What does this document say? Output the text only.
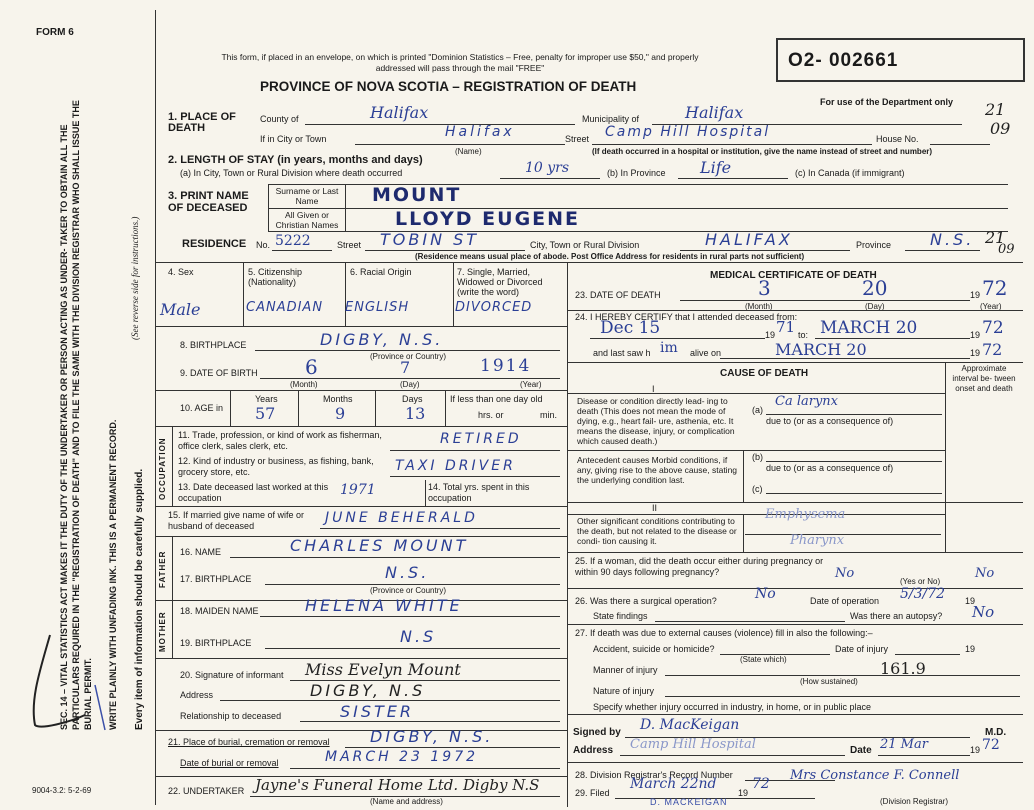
FORM 6
SEC. 14 – VITAL STATISTICS ACT MAKES IT THE DUTY OF THE UNDERTAKER OR PERSON ACTING AS UNDER- TAKER TO OBTAIN ALL THE PARTICULARS REQUIRED IN THE "REGISTRATION OF DEATH" AND TO FILE THE SAME WITH THE DIVISION REGISTRAR WHO SHALL ISSUE THE BURIAL PERMIT. WRITE PLAINLY WITH UNFADING INK. THIS IS A PERMANENT RECORD.
(See reverse side for instructions.)
Every item of information should be carefully supplied.
9004-3.2: 5-2-69
This form, if placed in an envelope, on which is printed "Dominion Statistics – Free, penalty for improper use $50," and properly addressed will pass through the mail "FREE"
PROVINCE OF NOVA SCOTIA – REGISTRATION OF DEATH
O2- 002661
For use of the Department only 21
09
1. PLACE OF DEATH
County of	Halifax	Municipality of	Halifax
If in City or Town	Halifax
(Name)
Street Camp Hill Hospital	House No.
(If death occurred in a hospital or institution, give the name instead of street and number)
2. LENGTH OF STAY (in years, months and days)
(a) In City, Town or Rural Division where death occurred	10 yrs	(b) In Province Life	(c) In Canada (if immigrant)
3. PRINT NAME OF DECEASED
Surname or Last Name	MOUNT
All Given or Christian Names	LLOYD EUGENE
RESIDENCE No. 5222	Street TOBIN ST	City, Town or Rural Division	HALIFAX	Province N.S. 21
09
(Residence means usual place of abode. Post Office Address for residents in rural parts not sufficient)
4. Sex
Male
5. Citizenship (Nationality)
CANADIAN
6. Racial Origin
ENGLISH
7. Single, Married, Widowed or Divorced (write the word)
DIVORCED
8. BIRTHPLACE	DIGBY, N.S.
(Province or Country)
9. DATE OF BIRTH 6	7	1914
(Month)	(Day)	(Year)
10. AGE in
Years	Months	Days
57	9	13
If less than one day old
hrs. or	min.
OCCUPATION
11. Trade, profession, or kind of work as fisherman, office clerk, sales clerk, etc.	RETIRED
12. Kind of industry or business, as fishing, bank, grocery store, etc.	TAXI DRIVER
13. Date deceased last worked at this occupation	1971	14. Total yrs. spent in this occupation
15. If married give name of wife or husband of deceased	JUNE BEHERALD
FATHER 16. NAME	CHARLES MOUNT
17. BIRTHPLACE	N.S.
(Province or Country)
MOTHER
18. MAIDEN NAME	HELENA WHITE
19. BIRTHPLACE	N.S
20. Signature of informant Miss Evelyn Mount
Address	DIGBY, N.S
Relationship to deceased	SISTER
21. Place of burial, cremation or removal	DIGBY, N.S.
Date of burial or removal	MARCH 23 1972
22. UNDERTAKER Jayne's Funeral Home Ltd. Digby N.S
(Name and address)
MEDICAL CERTIFICATE OF DEATH
23. DATE OF DEATH	3	20	19 72
(Month)	(Day)	(Year)
24. I HEREBY CERTIFY that I attended deceased from:
Dec 15	19 71 to: MARCH 20	19 72
and last saw h im alive on	MARCH 20	19 72
CAUSE OF DEATH	Approximate interval be- tween onset and death
I
Disease or condition directly lead- ing to death (This does not mean the mode of dying, e.g., heart fail- ure, asthenia, etc. It means the disease, injury, or complication which caused death.)
(a)
Ca larynx
due to (or as a consequence of)
Antecedent causes Morbid conditions, if any, giving rise to the above cause, stating the underlying condition last.
(b)
due to (or as a consequence of)
(c)
II
Other significant conditions contributing to the death, but not related to the disease or condi- tion causing it.
Emphysema
Pharynx
25. If a woman, did the death occur either during pregnancy or within 90 days following pregnancy?	No	No
(Yes or No)
26. Was there a surgical operation?	No	Date of operation 5/3/72 19
State findings	Was there an autopsy? No
27. If death was due to external causes (violence) fill in also the following:–
Accident, suicide or homicide?
(State which)
Date of injury	19
Manner of injury	161.9
(How sustained)
Nature of injury
Specify whether injury occurred in industry, in home, or in public place
Signed by D. MacKeigan	M.D.
Address Camp Hill Hospital	Date 21 Mar	19 72
28. Division Registrar's Record Number
29. Filed
March 22nd
19
72
Mrs Constance F. Connell
(Division Registrar)
D. MACKEIGAN
